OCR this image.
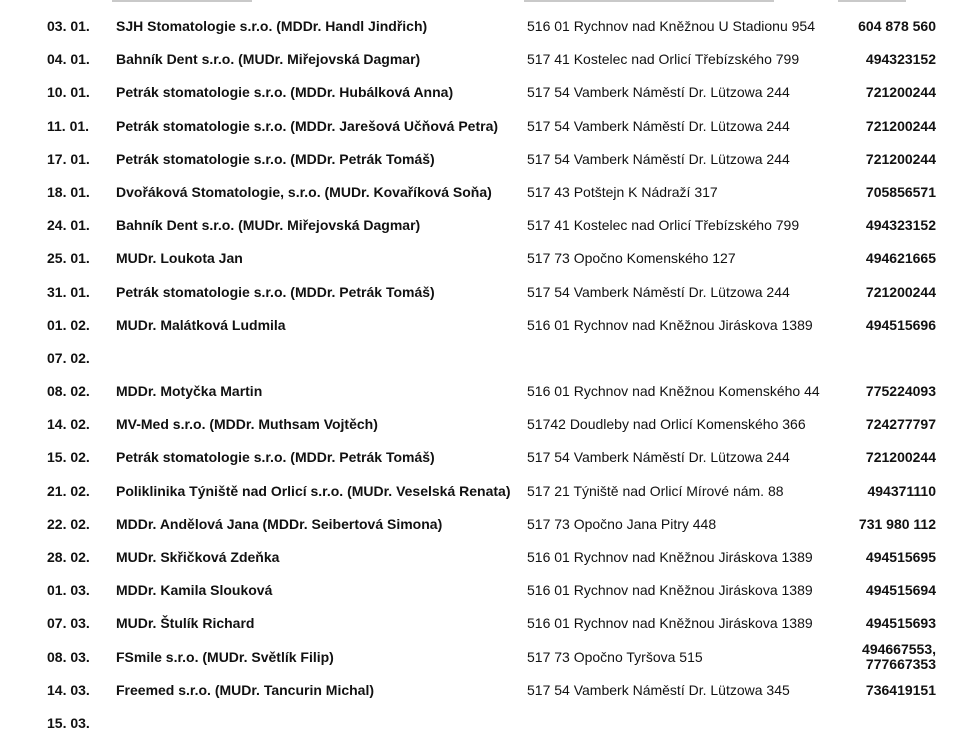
03. 01.	SJH Stomatologie s.r.o. (MDDr. Handl Jindřich)	516 01 Rychnov nad Kněžnou U Stadionu 954	604 878 560
04. 01.	Bahník Dent s.r.o. (MUDr. Miřejovská Dagmar)	517 41 Kostelec nad Orlicí Třebízského 799	494323152
10. 01.	Petrák stomatologie s.r.o. (MDDr. Hubálková Anna)	517 54 Vamberk Náměstí Dr. Lützowa 244	721200244
11. 01.	Petrák stomatologie s.r.o. (MDDr. Jarešová Učňová Petra)	517 54 Vamberk Náměstí Dr. Lützowa 244	721200244
17. 01.	Petrák stomatologie s.r.o. (MDDr. Petrák Tomáš)	517 54 Vamberk Náměstí Dr. Lützowa 244	721200244
18. 01.	Dvořáková Stomatologie, s.r.o. (MUDr. Kovaříková Soňa)	517 43 Potštejn K Nádraží 317	705856571
24. 01.	Bahník Dent s.r.o. (MUDr. Miřejovská Dagmar)	517 41 Kostelec nad Orlicí Třebízského 799	494323152
25. 01.	MUDr. Loukota Jan	517 73 Opočno Komenského 127	494621665
31. 01.	Petrák stomatologie s.r.o. (MDDr. Petrák Tomáš)	517 54 Vamberk Náměstí Dr. Lützowa 244	721200244
01. 02.	MUDr. Malátková Ludmila	516 01 Rychnov nad Kněžnou Jiráskova 1389	494515696
07. 02.
08. 02.	MDDr. Motyčka Martin	516 01 Rychnov nad Kněžnou Komenského 44	775224093
14. 02.	MV-Med s.r.o. (MDDr. Muthsam Vojtěch)	51742 Doudleby nad Orlicí Komenského 366	724277797
15. 02.	Petrák stomatologie s.r.o. (MDDr. Petrák Tomáš)	517 54 Vamberk Náměstí Dr. Lützowa 244	721200244
21. 02.	Poliklinika Týniště nad Orlicí s.r.o. (MUDr. Veselská Renata)	517 21 Týniště nad Orlicí Mírové nám. 88	494371110
22. 02.	MDDr. Andělová Jana (MDDr. Seibertová Simona)	517 73 Opočno Jana Pitry 448	731 980 112
28. 02.	MUDr. Skřičková Zdeňka	516 01 Rychnov nad Kněžnou Jiráskova 1389	494515695
01. 03.	MDDr. Kamila Slouková	516 01 Rychnov nad Kněžnou Jiráskova 1389	494515694
07. 03.	MUDr. Štulík Richard	516 01 Rychnov nad Kněžnou Jiráskova 1389	494515693
08. 03.	FSmile s.r.o. (MUDr. Světlík Filip)	517 73 Opočno Tyršova 515	494667553,
777667353
14. 03.	Freemed s.r.o. (MUDr. Tancurin Michal)	517 54 Vamberk Náměstí Dr. Lützowa 345	736419151
15. 03.
